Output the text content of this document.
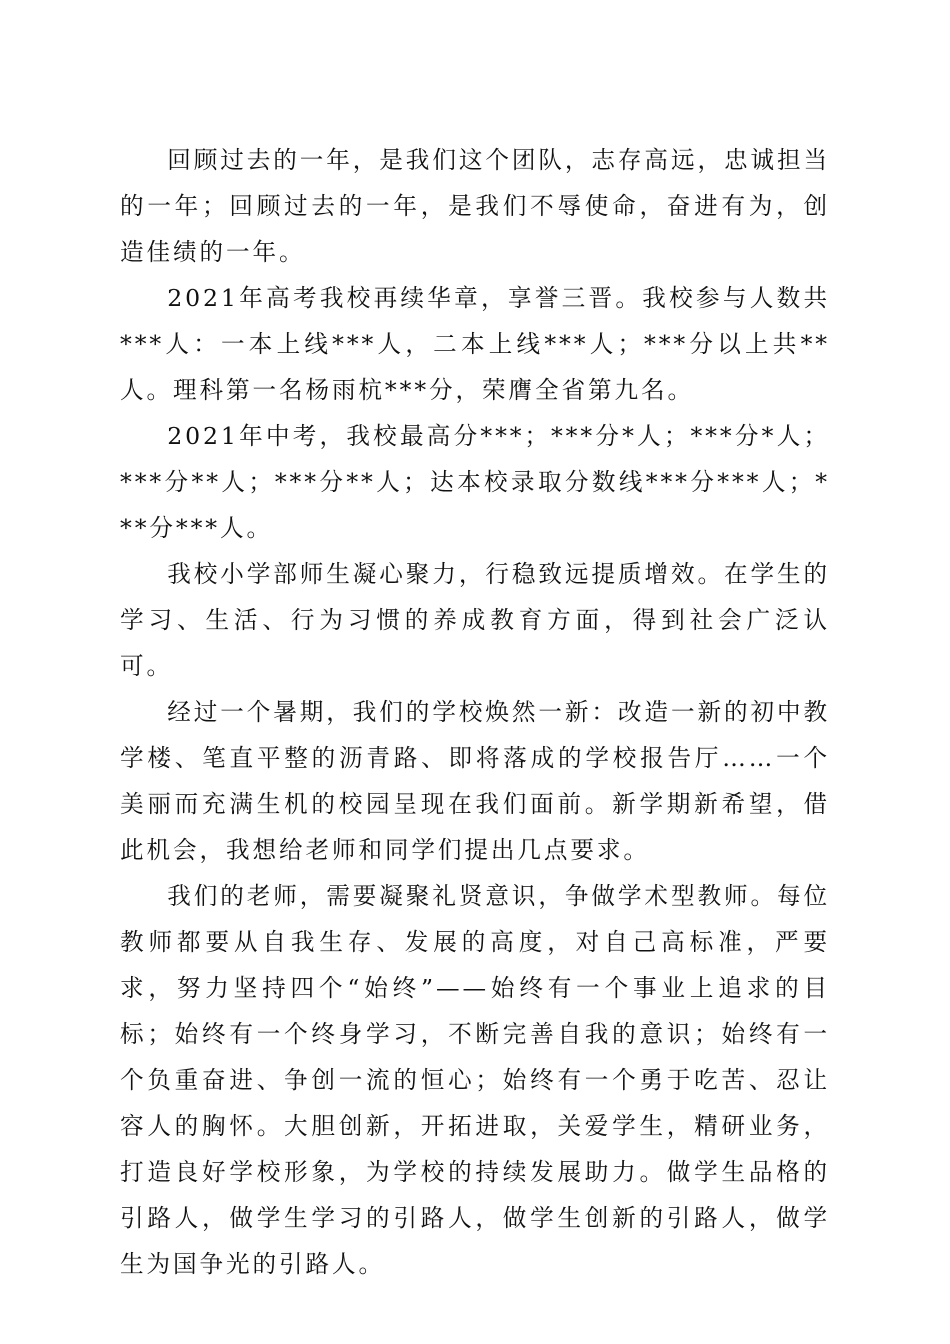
回顾过去的一年，是我们这个团队，志存高远，忠诚担当的一年；回顾过去的一年，是我们不辱使命，奋进有为，创造佳绩的一年。

2021年高考我校再续华章，享誉三晋。我校参与人数共***人：一本上线***人，二本上线***人；***分以上共**人。理科第一名杨雨杭***分，荣膺全省第九名。

2021年中考，我校最高分***；***分*人；***分*人；***分**人；***分**人；达本校录取分数线***分***人；***分***人。

我校小学部师生凝心聚力，行稳致远提质增效。在学生的学习、生活、行为习惯的养成教育方面，得到社会广泛认可。

经过一个暑期，我们的学校焕然一新：改造一新的初中教学楼、笔直平整的沥青路、即将落成的学校报告厅……一个美丽而充满生机的校园呈现在我们面前。新学期新希望，借此机会，我想给老师和同学们提出几点要求。

我们的老师，需要凝聚礼贤意识，争做学术型教师。每位教师都要从自我生存、发展的高度，对自己高标准，严要求，努力坚持四个“始终”——始终有一个事业上追求的目标；始终有一个终身学习，不断完善自我的意识；始终有一个负重奋进、争创一流的恒心；始终有一个勇于吃苦、忍让容人的胸怀。大胆创新，开拓进取，关爱学生，精研业务，打造良好学校形象，为学校的持续发展助力。做学生品格的引路人，做学生学习的引路人，做学生创新的引路人，做学生为国争光的引路人。
